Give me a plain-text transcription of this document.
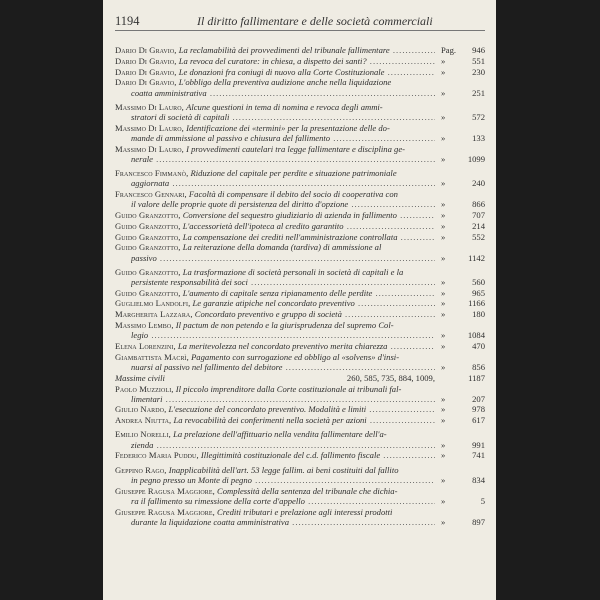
1194	Il diritto fallimentare e delle società commerciali
Dario Di Gravio, La reclamabilità dei provvedimenti del tribunale fallimentare .....	Pag. 946
Dario Di Gravio, La revoca del curatore: in chiesa, a dispetto dei santi? .....	»	551
Dario Di Gravio, Le donazioni fra coniugi di nuovo alla Corte Costituzionale .....	»	230
Dario Di Gravio, L'obbligo della preventiva audizione anche nella liquidazione
coatta amministrativa .....	»	251
Massimo Di Lauro, Alcune questioni in tema di nomina e revoca degli ammi-
stratori di società di capitali .....	»	572
Massimo Di Lauro, Identificazione dei «termini» per la presentazione delle do-
mande di ammissione al passivo e chiusura del fallimento .....	»	133
Massimo Di Lauro, I provvedimenti cautelari tra legge fallimentare e disciplina ge-
nerale .....	»	1099
Francesco Fimmanò, Riduzione del capitale per perdite e situazione patrimoniale
aggiornata .....	»	240
Francesco Gennari, Facoltà di compensare il debito del socio di cooperativa con
il valore delle proprie quote di persistenza del diritto d'opzione .....	»	866
Guido Granzotto, Conversione del sequestro giudiziario di azienda in fallimento .....	»	707
Guido Granzotto, L'accessorietà dell'ipoteca al credito garantito .....	»	214
Guido Granzotto, La compensazione dei crediti nell'amministrazione controllata .....	»	552
Guido Granzotto, La reiterazione della domanda (tardiva) di ammissione al
passivo .....	»	1142
Guido Granzotto, La trasformazione di società personali in società di capitali e la
persistente responsabilità dei soci .....	»	560
Guido Granzotto, L'aumento di capitale senza ripianamento delle perdite .....	»	965
Guglielmo Landolfi, Le garanzie atipiche nel concordato preventivo .....	»	1166
Margherita Lazzara, Concordato preventivo e gruppo di società .....	»	180
Massimo Lembo, Il pactum de non petendo e la giurisprudenza del supremo Col-
legio .....	»	1084
Elena Lorenzini, La meritevolezza nel concordato preventivo merita chiarezza .....	»	470
Giambattista Macrì, Pagamento con surrogazione ed obbligo al «solvens» d'insi-
nuarsi al passivo nel fallimento del debitore .....	»	856
Massime civili	260, 585, 735, 884, 1009,	1187
Paolo Muzzioli, Il piccolo imprenditore dalla Corte costituzionale ai tribunali fal-
limentari .....	»	207
Giulio Nardo, L'esecuzione del concordato preventivo. Modalità e limiti .....	»	978
Andrea Niutta, La revocabilità dei conferimenti nella società per azioni .....	»	617
Emilio Norelli, La prelazione dell'affittuario nella vendita fallimentare dell'a-
zienda .....	»	991
Federico Maria Puddu, Illegittimità costituzionale del c.d. fallimento fiscale .....	»	741
Geppino Rago, Inapplicabilità dell'art. 53 legge fallim. ai beni costituiti dal fallito
in pegno presso un Monte di pegno .....	»	834
Giuseppe Ragusa Maggiore, Complessità della sentenza del tribunale che dichia-
ra il fallimento su rimessione della corte d'appello .....	»	5
Giuseppe Ragusa Maggiore, Crediti tributari e prelazione agli interessi prodotti
durante la liquidazione coatta amministrativa .....	»	897
